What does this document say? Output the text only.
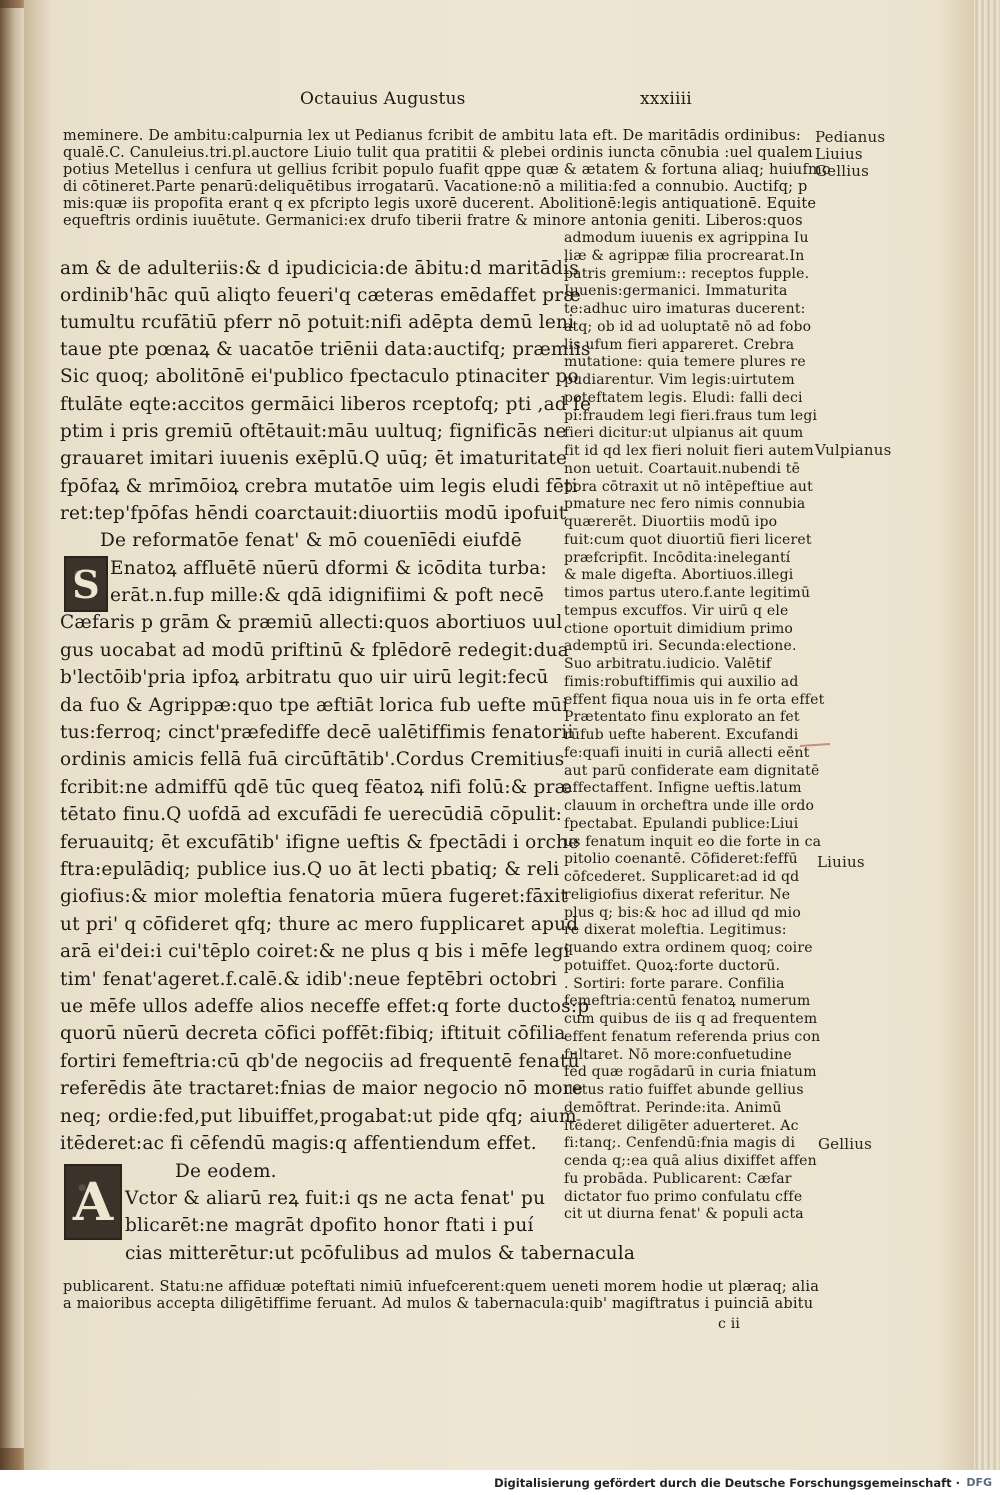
Octauius Augustus	xxxiiii
meminere. De ambitu:calpurnia lex ut Pedianus fcribit de ambitu lata eft. De maritādis ordinibus:
qualē.C. Canuleius.tri.pl.auctore Liuio tulit qua pratitii & plebei ordinis iuncta cōnubia :uel qualem
potius Metellus i cenfura ut gellius fcribit populo fuafit qppe quæ & ætatem & fortuna aliaq; huiufmo
di cōtineret.Parte penarū:deliquētibus irrogatarū. Vacatione:nō a militia:fed a connubio. Auctifq; p
mis:quæ iis propofita erant q ex pfcripto legis uxorē ducerent. Abolitionē:legis antiquationē. Equite
equeftris ordinis iuuētute. Germanici:ex drufo tiberii fratre & minore antonia geniti. Liberos:quos
am & de adulteriis:& d ipudicicia:de ābitu:d maritādis
ordinib'hāc quū aliqto feueri'q cæteras emēdaffet præ
tumultu rcufātiū pferr nō potuit:nifi adēpta demū leni
taue pte pœnaꝝ & uacatōe triēnii data:auctifq; præmiis
Sic quoq; abolitōnē ei'publico fpectaculo ptinaciter po
ftulāte eqte:accitos germāici liberos rceptofq; pti ,ad fe
ptim i pris gremiū oftētauit:māu uultuq; fignificās ne
grauaret imitari iuuenis exēplū.Q uūq; ēt imaturitate
fpōfaꝝ & mrīmōioꝝ crebra mutatōe uim legis eludi fēti
ret:tep'fpōfas hēndi coarctauit:diuortiis modū ipofuit
De reformatōe fenat' & mō couenīēdi eiufdē
S Enatoꝝ affluētē nūerū dformi & icōdita turba:
erāt.n.fup mille:& qdā idignifiimi & poft necē
Cæfaris p grām & præmiū allecti:quos abortiuos uul
gus uocabat ad modū priftinū & fplēdorē redegit:dua
b'lectōib'pria ipfoꝝ arbitratu quo uir uirū legit:fecū
da fuo & Agrippæ:quo tpe æftiāt lorica fub uefte mūi
tus:ferroq; cinct'præfediffe decē ualētiffimis fenatorii
ordinis amicis fellā fuā circūftātib'.Cordus Cremitius
fcribit:ne admiffū qdē tūc queq fēatoꝝ nifi folū:& præ
tētato finu.Q uofdā ad excufādi fe uerecūdiā cōpulit:
feruauitq; ēt excufātib' ifigne ueftis & fpectādi i orche
ftra:epulādiq; publice ius.Q uo āt lecti pbatiq; & reli
giofius:& mior moleftia fenatoria mūera fugeret:fāxit
ut pri' q cōfideret qfq; thure ac mero fupplicaret apud
arā ei'dei:i cui'tēplo coiret:& ne plus q bis i mēfe legi
tim' fenat'ageret.f.calē.& idib':neue feptēbri octobri
ue mēfe ullos adeffe alios neceffe effet:q forte ductos:p
quorū nūerū decreta cōfici poffēt:fibiq; iftituit cōfilia
fortiri femeftria:cū qb'de negociis ad frequentē fenatū
referēdis āte tractaret:fnias de maior negocio nō more
neq; ordie:fed,put libuiffet,progabat:ut pide qfq; aium
itēderet:ac fi cēfendū magis:q affentiendum effet.
De eodem.
A Vctor & aliarū reꝝ fuit:i qs ne acta fenat' pu
blicarēt:ne magrāt dpofito honor ftati i puí
cias mitterētur:ut pcōfulibus ad mulos & tabernacula
admodum iuuenis ex agrippina Iu
liæ & agrippæ filia procrearat.In
patris gremium:: receptos fupple.
Iuuenis:germanici. Immaturita
te:adhuc uiro imaturas ducerent:
atq; ob id ad uoluptatē nō ad fobo
lis ufum fieri appareret. Crebra
mutatione: quia temere plures re
pudiarentur. Vim legis:uirtutem
poteftatem legis. Eludi: falli deci
pi:fraudem legi fieri.fraus tum legi
fieri dicitur:ut ulpianus ait quum
fit id qd lex fieri noluit fieri autem
non uetuit. Coartauit.nubendi tē
pora cōtraxit ut nō intēpeftiue aut
pmature nec fero nimis connubia
quærerēt. Diuortiis modū ipo
fuit:cum quot diuortiū fieri liceret
præfcripfit. Incōdita:inelegantí
& male digefta. Abortiuos.illegi
timos partus utero.f.ante legitimū
tempus excuffos. Vir uirū q ele
ctione oportuit dimidium primo
ademptū iri. Secunda:electione.
Suo arbitratu.iudicio. Valētif
fimis:robuftiffimis qui auxilio ad
effent fiqua noua uis in fe orta effet
Prætentato finu explorato an fet
rūfub uefte haberent. Excufandi
fe:quafi inuiti in curiā allecti eēnt
aut parū confiderate eam dignitatē
affectaffent. Infigne ueftis.latum
clauum in orcheftra unde ille ordo
fpectabat. Epulandi publice:Liui
us fenatum inquit eo die forte in ca
pitolio coenantē. Cōfideret:feffū
cōfcederet. Supplicaret:ad id qd
religiofius dixerat referitur. Ne
plus q; bis:& hoc ad illud qd mio
re dixerat moleftia. Legitimus:
quando extra ordinem quoq; coire
potuiffet. Quoꝝ:forte ductorū.
. Sortiri: forte parare. Confilia
femeftria:centū fenatoꝝ numerum
cum quibus de iis q ad frequentem
effent fenatum referenda prius con
fultaret. Nō more:confuetudine
fed quæ rogādarū in curia fniatum
uetus ratio fuiffet abunde gellius
demōftrat. Perinde:ita. Animū
itēderet diligēter aduerteret. Ac
fi:tanq;. Cenfendū:fnia magis di
cenda q;:ea quā alius dixiffet affen
fu probāda. Publicarent: Cæfar
dictator fuo primo confulatu cffe
cit ut diurna fenat' & populi acta
publicarent. Statu:ne affiduæ poteftati nimiū infuefcerent:quem ueneti morem hodie ut plæraq; alia
a maioribus accepta diligētiffime feruant. Ad mulos & tabernacula:quib' magiftratus i puinciā abitu
c ii
Pedianus
Liuius
Gellius
Vulpianus
Liuius
Gellius
Digitalisierung gefördert durch die Deutsche Forschungsgemeinschaft · DFG
